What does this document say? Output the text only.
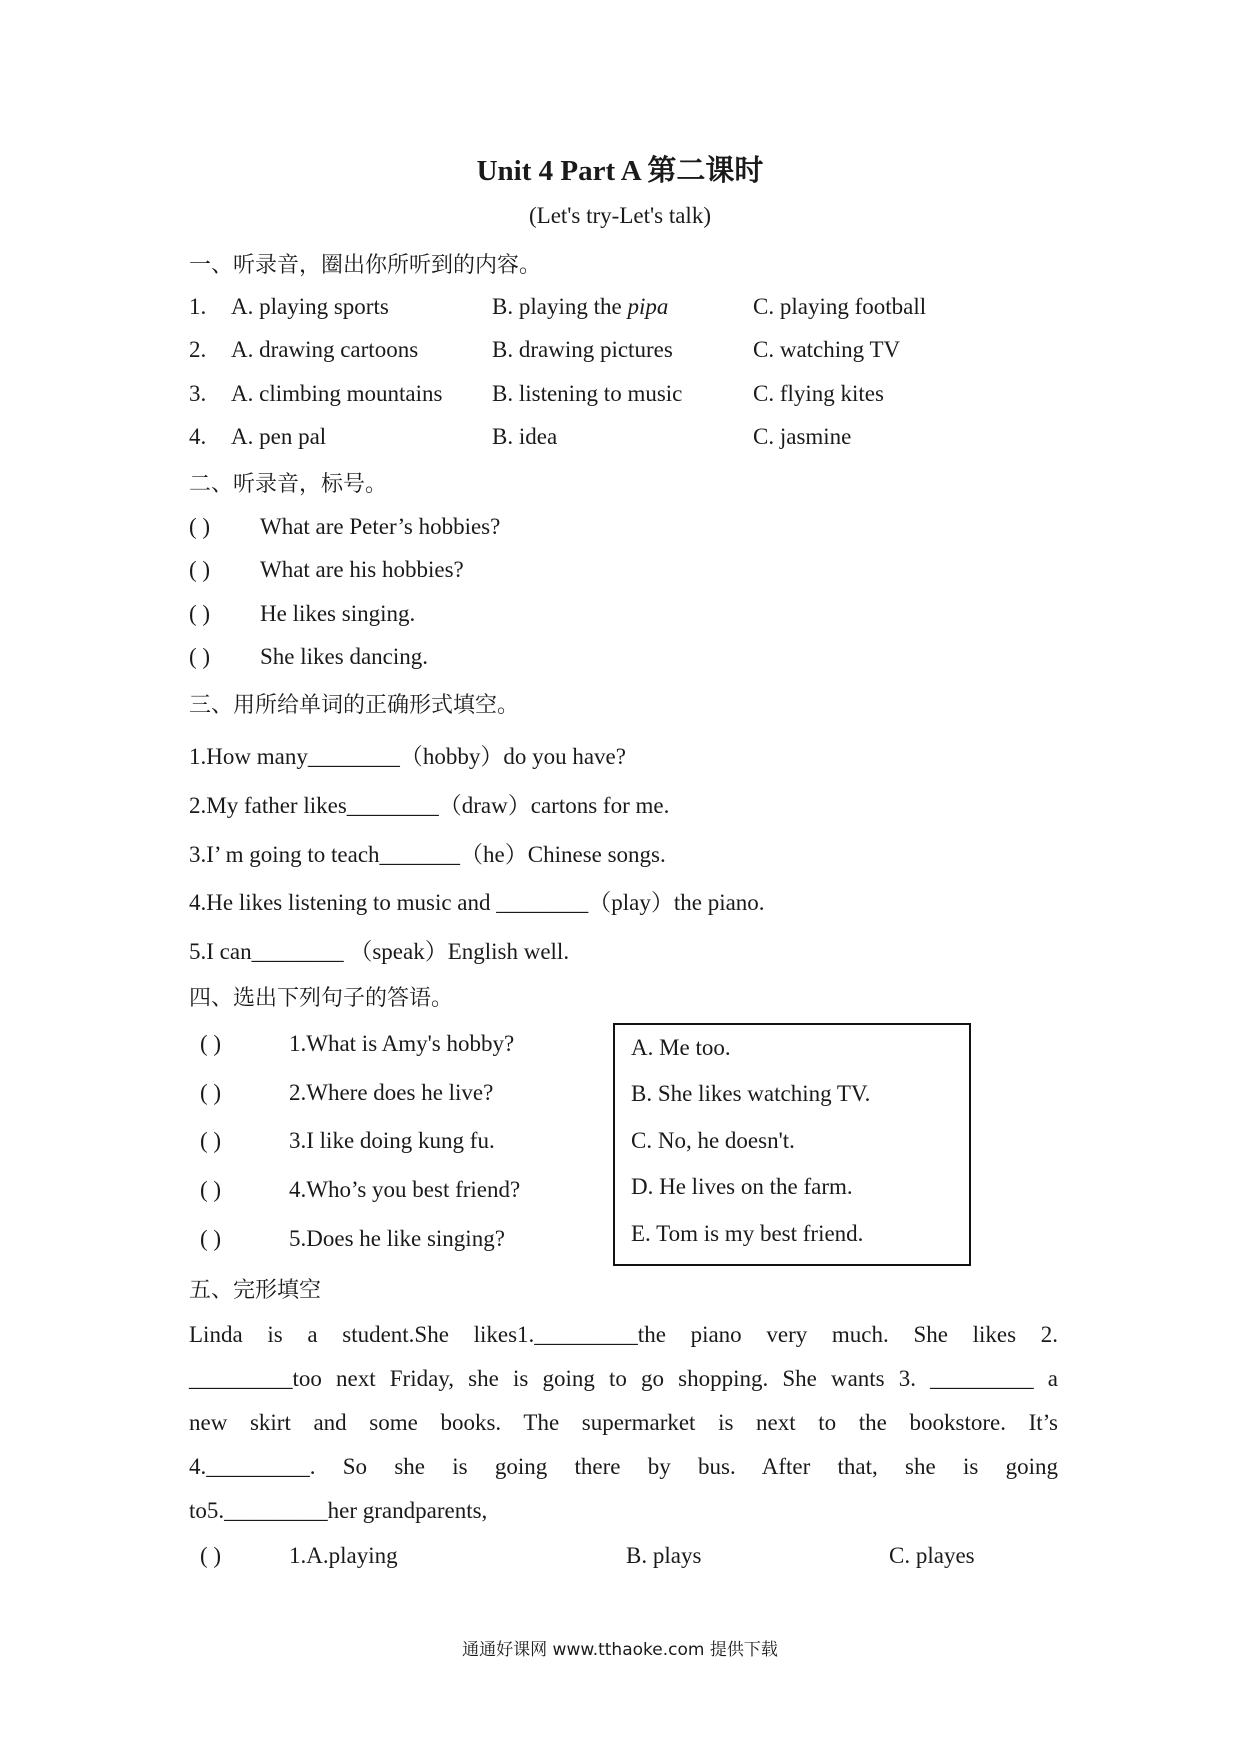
Unit 4 Part A 第二课时
(Let's try-Let's talk)
一、听录音，圈出你所听到的内容。
1. A. playing sports	B. playing the pipa	C. playing football
2. A. drawing cartoons	B. drawing pictures	C. watching TV
3. A. climbing mountains B. listening to music	C. flying kites
4. A. pen pal	B. idea	C. jasmine
二、听录音，标号。
( ) What are Peter’s hobbies?
( ) What are his hobbies?
( ) He likes singing.
( ) She likes dancing.
三、用所给单词的正确形式填空。
1.How many________（hobby）do you have?
2.My father likes________（draw）cartons for me.
3.I’ m going to teach_______（he）Chinese songs.
4.He likes listening to music and ________（play）the piano.
5.I can________ （speak）English well.
四、选出下列句子的答语。
( )	1.What is Amy's hobby?
( )	2.Where does he live?
( )	3.I like doing kung fu.
( )	4.Who’s you best friend?
( )	5.Does he like singing?
A. Me too.
B. She likes watching TV.
C. No, he doesn't.
D. He lives on the farm.
E. Tom is my best friend.
五、完形填空
Linda is a student.She likes1._________the piano very much. She likes 2.
_________too next Friday, she is going to go shopping. She wants 3. _________ a
new skirt and some books. The supermarket is next to the bookstore. It’s
4._________. So she is going there by bus. After that, she is going
to5._________her grandparents,
( )	1.A.playing	B. plays	C. playes
通通好课网 www.tthaoke.com 提供下载
